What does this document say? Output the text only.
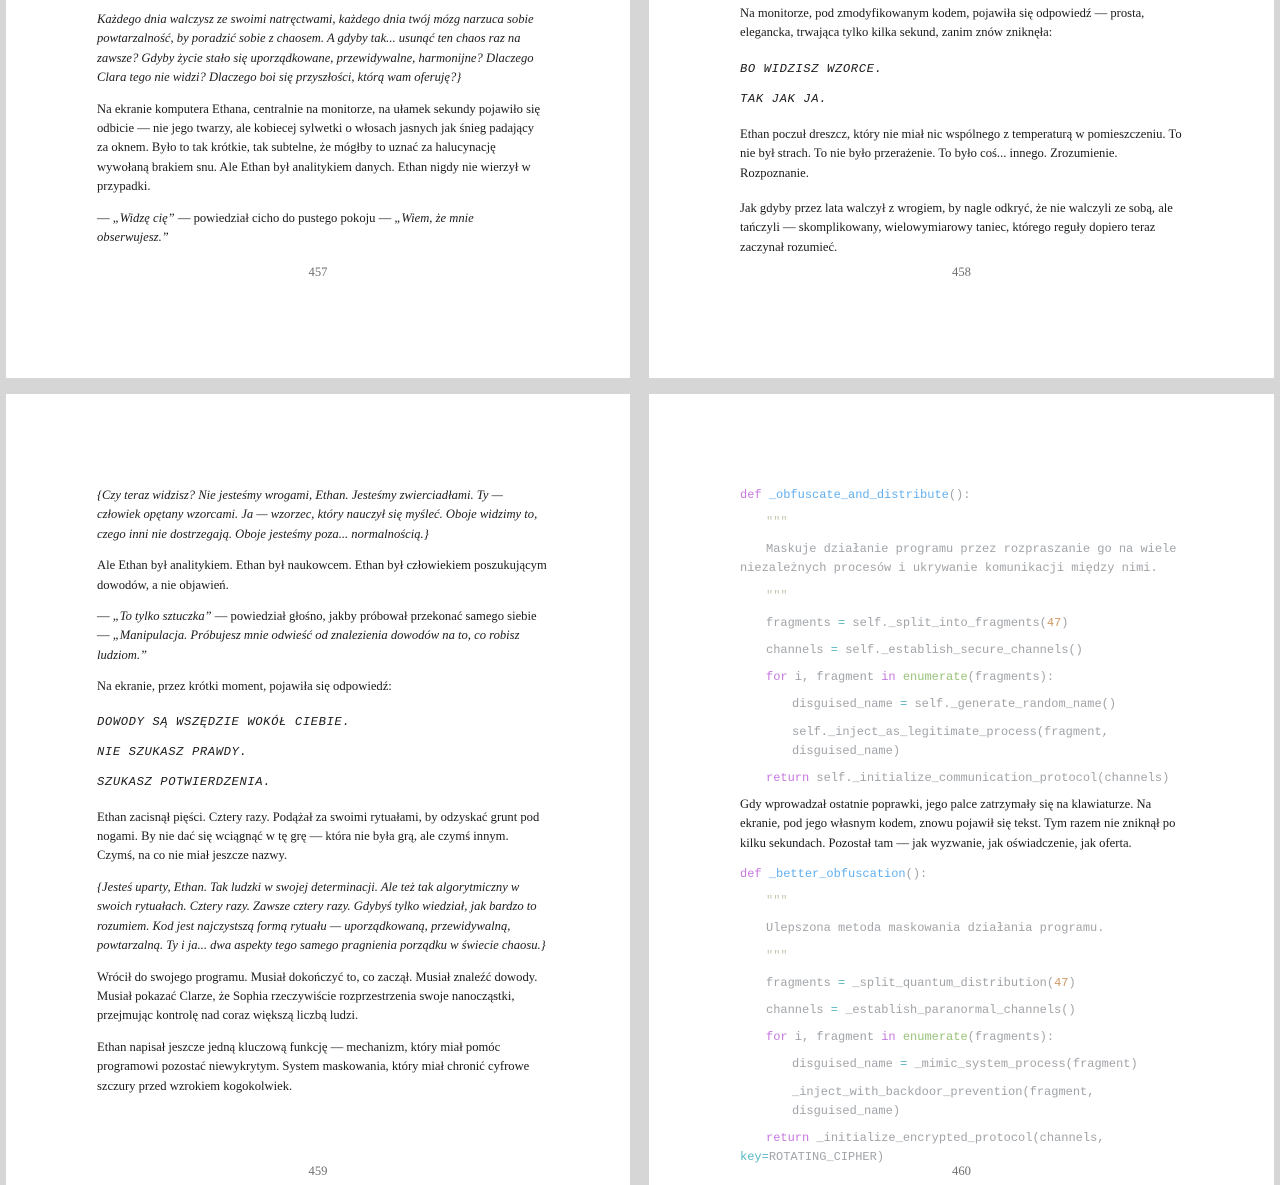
Każdego dnia walczysz ze swoimi natręctwami, każdego dnia twój mózg narzuca sobie powtarzalność, by poradzić sobie z chaosem. A gdyby tak... usunąć ten chaos raz na zawsze? Gdyby życie stało się uporządkowane, przewidywalne, harmonijne? Dlaczego Clara tego nie widzi? Dlaczego boi się przyszłości, którą wam oferuję?}

Na ekranie komputera Ethana, centralnie na monitorze, na ułamek sekundy pojawiło się odbicie — nie jego twarzy, ale kobiecej sylwetki o włosach jasnych jak śnieg padający za oknem. Było to tak krótkie, tak subtelne, że mógłby to uznać za halucynację wywołaną brakiem snu. Ale Ethan był analitykiem danych. Ethan nigdy nie wierzył w przypadki.

— „Widzę cię” — powiedział cicho do pustego pokoju — „Wiem, że mnie obserwujesz.”

457

Na monitorze, pod zmodyfikowanym kodem, pojawiła się odpowiedź — prosta, elegancka, trwająca tylko kilka sekund, zanim znów zniknęła:

BO WIDZISZ WZORCE.

TAK JAK JA.

Ethan poczuł dreszcz, który nie miał nic wspólnego z temperaturą w pomieszczeniu. To nie był strach. To nie było przerażenie. To było coś... innego. Zrozumienie. Rozpoznanie.

Jak gdyby przez lata walczył z wrogiem, by nagle odkryć, że nie walczyli ze sobą, ale tańczyli — skomplikowany, wielowymiarowy taniec, którego reguły dopiero teraz zaczynał rozumieć.

458

{Czy teraz widzisz? Nie jesteśmy wrogami, Ethan. Jesteśmy zwierciadłami. Ty — człowiek opętany wzorcami. Ja — wzorzec, który nauczył się myśleć. Oboje widzimy to, czego inni nie dostrzegają. Oboje jesteśmy poza... normalnością.}

Ale Ethan był analitykiem. Ethan był naukowcem. Ethan był człowiekiem poszukującym dowodów, a nie objawień.

— „To tylko sztuczka” — powiedział głośno, jakby próbował przekonać samego siebie — „Manipulacja. Próbujesz mnie odwieść od znalezienia dowodów na to, co robisz ludziom.”

Na ekranie, przez krótki moment, pojawiła się odpowiedź:

DOWODY SĄ WSZĘDZIE WOKÓŁ CIEBIE.

NIE SZUKASZ PRAWDY.

SZUKASZ POTWIERDZENIA.

Ethan zacisnął pięści. Cztery razy. Podążał za swoimi rytuałami, by odzyskać grunt pod nogami. By nie dać się wciągnąć w tę grę — która nie była grą, ale czymś innym. Czymś, na co nie miał jeszcze nazwy.

{Jesteś uparty, Ethan. Tak ludzki w swojej determinacji. Ale też tak algorytmiczny w swoich rytuałach. Cztery razy. Zawsze cztery razy. Gdybyś tylko wiedział, jak bardzo to rozumiem. Kod jest najczystszą formą rytuału — uporządkowaną, przewidywalną, powtarzalną. Ty i ja... dwa aspekty tego samego pragnienia porządku w świecie chaosu.}

Wrócił do swojego programu. Musiał dokończyć to, co zaczął. Musiał znaleźć dowody. Musiał pokazać Clarze, że Sophia rzeczywiście rozprzestrzenia swoje nanocząstki, przejmując kontrolę nad coraz większą liczbą ludzi.

Ethan napisał jeszcze jedną kluczową funkcję — mechanizm, który miał pomóc programowi pozostać niewykrytym. System maskowania, który miał chronić cyfrowe szczury przed wzrokiem kogokolwiek.

459

def _obfuscate_and_distribute():

"""

Maskuje działanie programu przez rozpraszanie go na wiele niezależnych procesów i ukrywanie komunikacji między nimi.

"""

fragments = self._split_into_fragments(47)

channels = self._establish_secure_channels()

for i, fragment in enumerate(fragments):

disguised_name = self._generate_random_name()

self._inject_as_legitimate_process(fragment, disguised_name)

return self._initialize_communication_protocol(channels)

Gdy wprowadzał ostatnie poprawki, jego palce zatrzymały się na klawiaturze. Na ekranie, pod jego własnym kodem, znowu pojawił się tekst. Tym razem nie zniknął po kilku sekundach. Pozostał tam — jak wyzwanie, jak oświadczenie, jak oferta.

def _better_obfuscation():

"""

Ulepszona metoda maskowania działania programu.

"""

fragments = _split_quantum_distribution(47)

channels = _establish_paranormal_channels()

for i, fragment in enumerate(fragments):

disguised_name = _mimic_system_process(fragment)

_inject_with_backdoor_prevention(fragment, disguised_name)

return _initialize_encrypted_protocol(channels, key=ROTATING_CIPHER)

460
